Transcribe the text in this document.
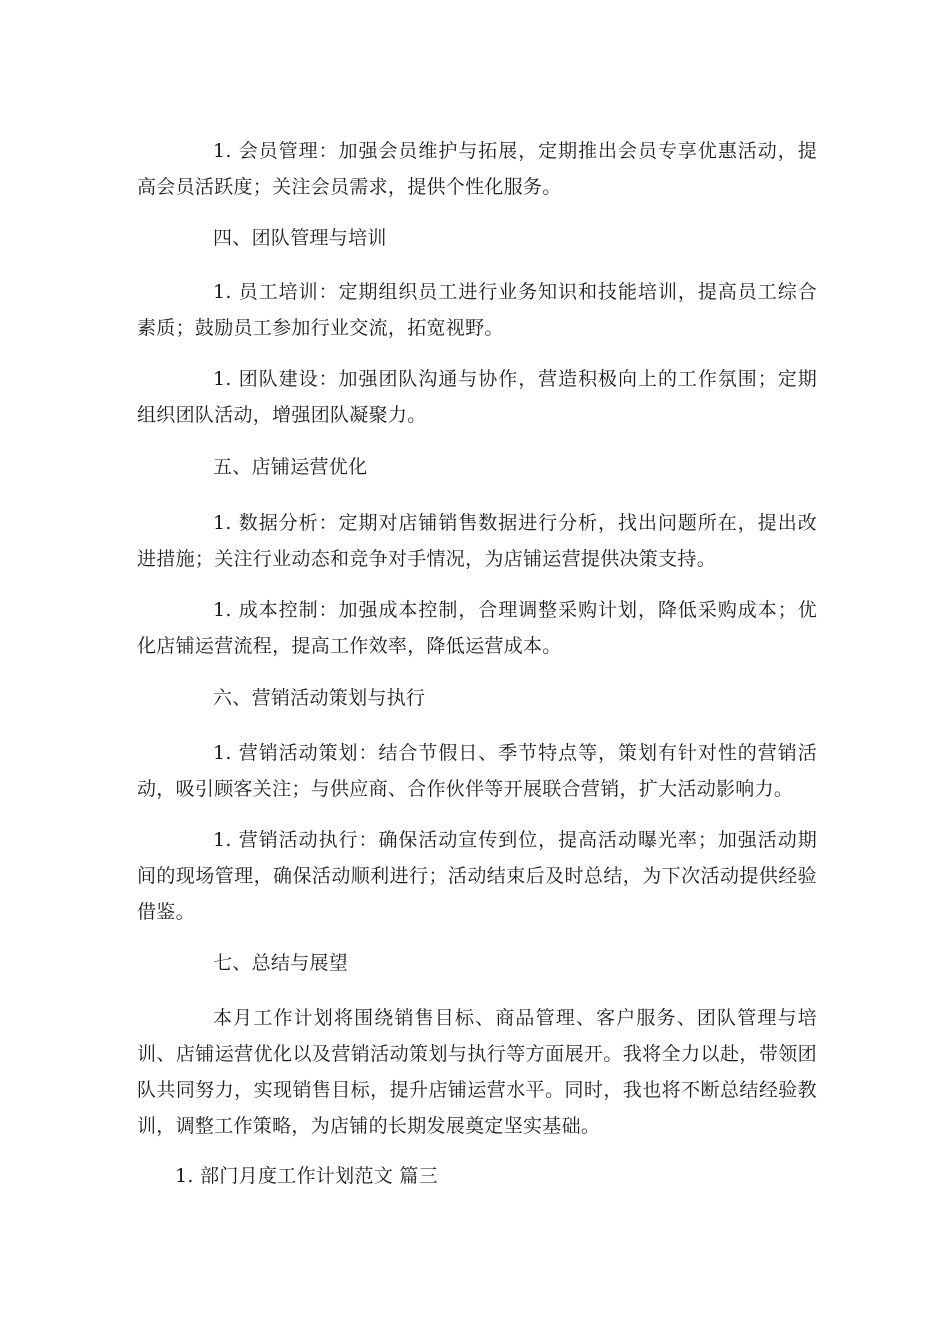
1. 会员管理：加强会员维护与拓展，定期推出会员专享优惠活动，提高会员活跃度；关注会员需求，提供个性化服务。

四、团队管理与培训

1. 员工培训：定期组织员工进行业务知识和技能培训，提高员工综合素质；鼓励员工参加行业交流，拓宽视野。

1. 团队建设：加强团队沟通与协作，营造积极向上的工作氛围；定期组织团队活动，增强团队凝聚力。

五、店铺运营优化

1. 数据分析：定期对店铺销售数据进行分析，找出问题所在，提出改进措施；关注行业动态和竞争对手情况，为店铺运营提供决策支持。

1. 成本控制：加强成本控制，合理调整采购计划，降低采购成本；优化店铺运营流程，提高工作效率，降低运营成本。

六、营销活动策划与执行

1. 营销活动策划：结合节假日、季节特点等，策划有针对性的营销活动，吸引顾客关注；与供应商、合作伙伴等开展联合营销，扩大活动影响力。

1. 营销活动执行：确保活动宣传到位，提高活动曝光率；加强活动期间的现场管理，确保活动顺利进行；活动结束后及时总结，为下次活动提供经验借鉴。

七、总结与展望

本月工作计划将围绕销售目标、商品管理、客户服务、团队管理与培训、店铺运营优化以及营销活动策划与执行等方面展开。我将全力以赴，带领团队共同努力，实现销售目标，提升店铺运营水平。同时，我也将不断总结经验教训，调整工作策略，为店铺的长期发展奠定坚实基础。

1. 部门月度工作计划范文 篇三
